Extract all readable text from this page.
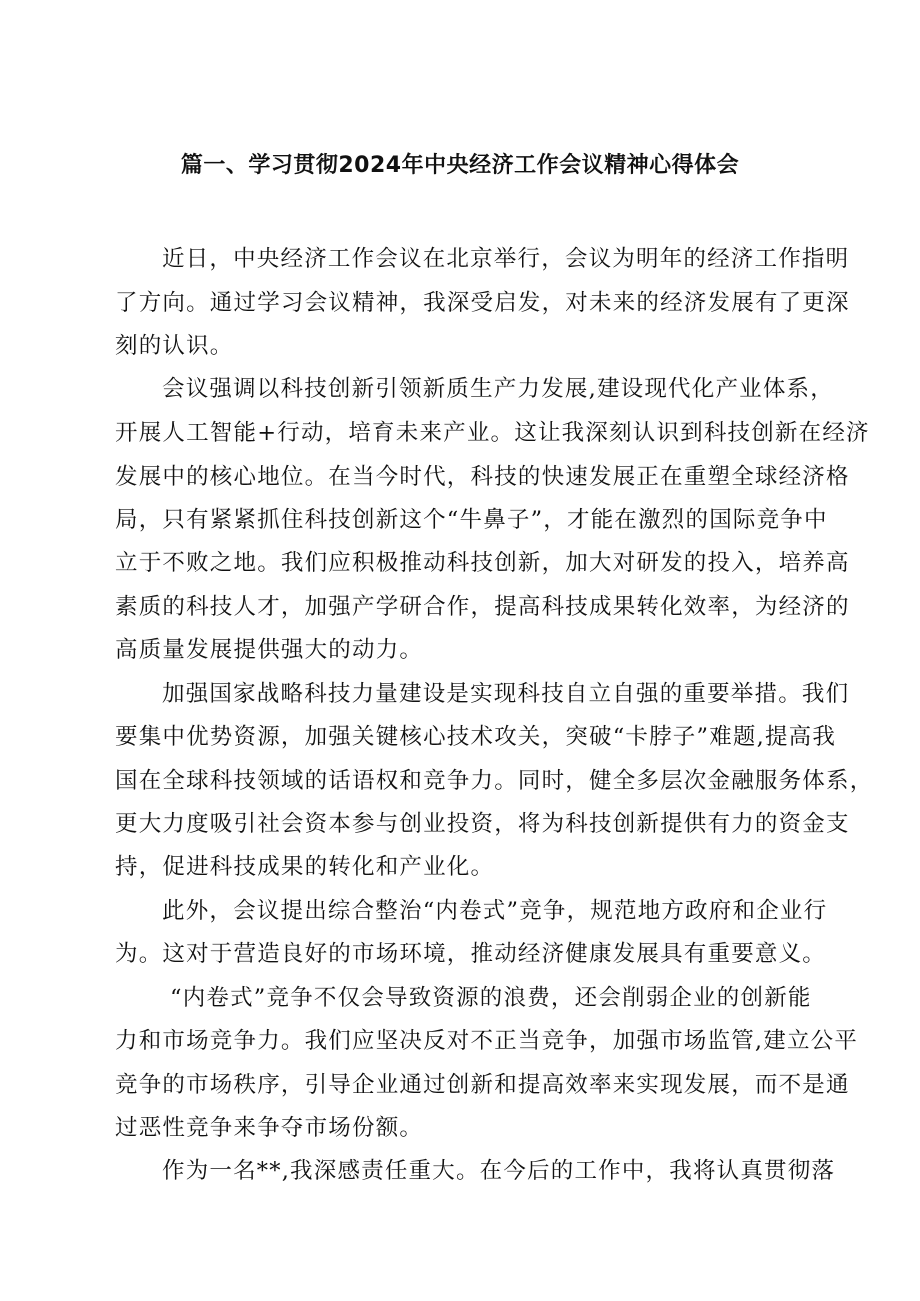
篇一、学习贯彻2024年中央经济工作会议精神心得体会
近日，中央经济工作会议在北京举行，会议为明年的经济工作指明
了方向。通过学习会议精神，我深受启发，对未来的经济发展有了更深
刻的认识。
会议强调以科技创新引领新质生产力发展,建设现代化产业体系，
开展人工智能+行动，培育未来产业。这让我深刻认识到科技创新在经济
发展中的核心地位。在当今时代，科技的快速发展正在重塑全球经济格
局，只有紧紧抓住科技创新这个“牛鼻子”，才能在激烈的国际竞争中
立于不败之地。我们应积极推动科技创新，加大对研发的投入，培养高
素质的科技人才，加强产学研合作，提高科技成果转化效率，为经济的
高质量发展提供强大的动力。
加强国家战略科技力量建设是实现科技自立自强的重要举措。我们
要集中优势资源，加强关键核心技术攻关，突破“卡脖子”难题,提高我
国在全球科技领域的话语权和竞争力。同时，健全多层次金融服务体系，
更大力度吸引社会资本参与创业投资，将为科技创新提供有力的资金支
持，促进科技成果的转化和产业化。
此外，会议提出综合整治“内卷式”竞争，规范地方政府和企业行
为。这对于营造良好的市场环境，推动经济健康发展具有重要意义。
“内卷式”竞争不仅会导致资源的浪费，还会削弱企业的创新能
力和市场竞争力。我们应坚决反对不正当竞争，加强市场监管,建立公平
竞争的市场秩序，引导企业通过创新和提高效率来实现发展，而不是通
过恶性竞争来争夺市场份额。
作为一名**,我深感责任重大。在今后的工作中，我将认真贯彻落
